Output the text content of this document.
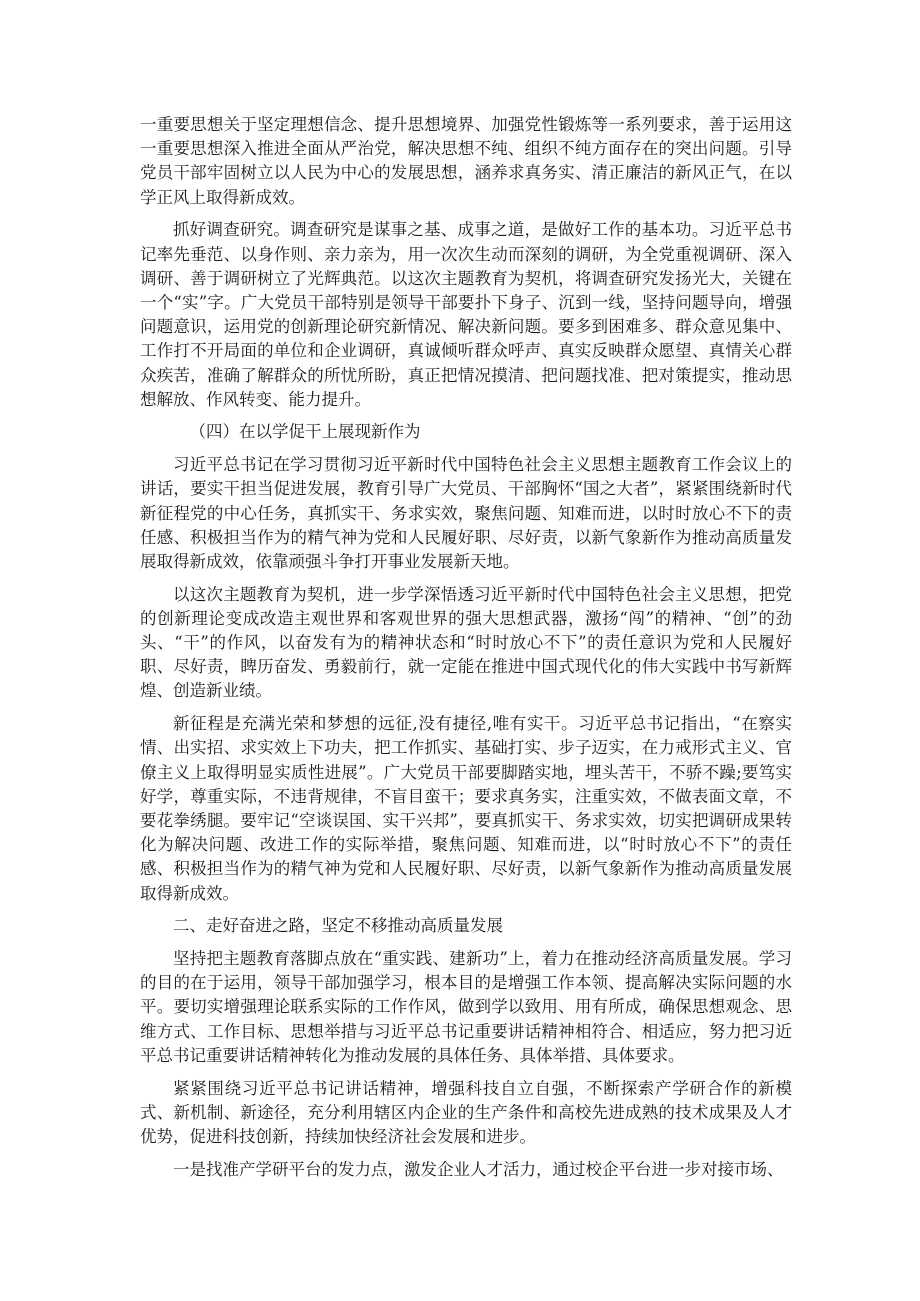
一重要思想关于坚定理想信念、提升思想境界、加强党性锻炼等一系列要求，善于运用这一重要思想深入推进全面从严治党，解决思想不纯、组织不纯方面存在的突出问题。引导党员干部牢固树立以人民为中心的发展思想，涵养求真务实、清正廉洁的新风正气，在以学正风上取得新成效。

抓好调查研究。调查研究是谋事之基、成事之道，是做好工作的基本功。习近平总书记率先垂范、以身作则、亲力亲为，用一次次生动而深刻的调研，为全党重视调研、深入调研、善于调研树立了光辉典范。以这次主题教育为契机，将调查研究发扬光大，关键在一个“实”字。广大党员干部特别是领导干部要扑下身子、沉到一线，坚持问题导向，增强问题意识，运用党的创新理论研究新情况、解决新问题。要多到困难多、群众意见集中、工作打不开局面的单位和企业调研，真诚倾听群众呼声、真实反映群众愿望、真情关心群众疾苦，准确了解群众的所忧所盼，真正把情况摸清、把问题找准、把对策提实，推动思想解放、作风转变、能力提升。

（四）在以学促干上展现新作为

习近平总书记在学习贯彻习近平新时代中国特色社会主义思想主题教育工作会议上的讲话，要实干担当促进发展，教育引导广大党员、干部胸怀“国之大者”，紧紧围绕新时代新征程党的中心任务，真抓实干、务求实效，聚焦问题、知难而进，以时时放心不下的责任感、积极担当作为的精气神为党和人民履好职、尽好责，以新气象新作为推动高质量发展取得新成效，依靠顽强斗争打开事业发展新天地。

以这次主题教育为契机，进一步学深悟透习近平新时代中国特色社会主义思想，把党的创新理论变成改造主观世界和客观世界的强大思想武器，激扬“闯”的精神、“创”的劲头、“干”的作风，以奋发有为的精神状态和“时时放心不下”的责任意识为党和人民履好职、尽好责，睥历奋发、勇毅前行，就一定能在推进中国式现代化的伟大实践中书写新辉煌、创造新业绩。

新征程是充满光荣和梦想的远征,没有捷径,唯有实干。习近平总书记指出，“在察实情、出实招、求实效上下功夫，把工作抓实、基础打实、步子迈实，在力戒形式主义、官僚主义上取得明显实质性进展”。广大党员干部要脚踏实地，埋头苦干，不骄不躁;要笃实好学，尊重实际，不违背规律，不盲目蛮干；要求真务实，注重实效，不做表面文章，不要花拳绣腿。要牢记“空谈误国、实干兴邦”，要真抓实干、务求实效，切实把调研成果转化为解决问题、改进工作的实际举措，聚焦问题、知难而进，以“时时放心不下”的责任感、积极担当作为的精气神为党和人民履好职、尽好责，以新气象新作为推动高质量发展取得新成效。

二、走好奋进之路，坚定不移推动高质量发展

坚持把主题教育落脚点放在“重实践、建新功”上，着力在推动经济高质量发展。学习的目的在于运用，领导干部加强学习，根本目的是增强工作本领、提高解决实际问题的水平。要切实增强理论联系实际的工作作风，做到学以致用、用有所成，确保思想观念、思维方式、工作目标、思想举措与习近平总书记重要讲话精神相符合、相适应，努力把习近平总书记重要讲话精神转化为推动发展的具体任务、具体举措、具体要求。

紧紧围绕习近平总书记讲话精神，增强科技自立自强，不断探索产学研合作的新模式、新机制、新途径，充分利用辖区内企业的生产条件和高校先进成熟的技术成果及人才优势，促进科技创新，持续加快经济社会发展和进步。

一是找准产学研平台的发力点，激发企业人才活力，通过校企平台进一步对接市场、
